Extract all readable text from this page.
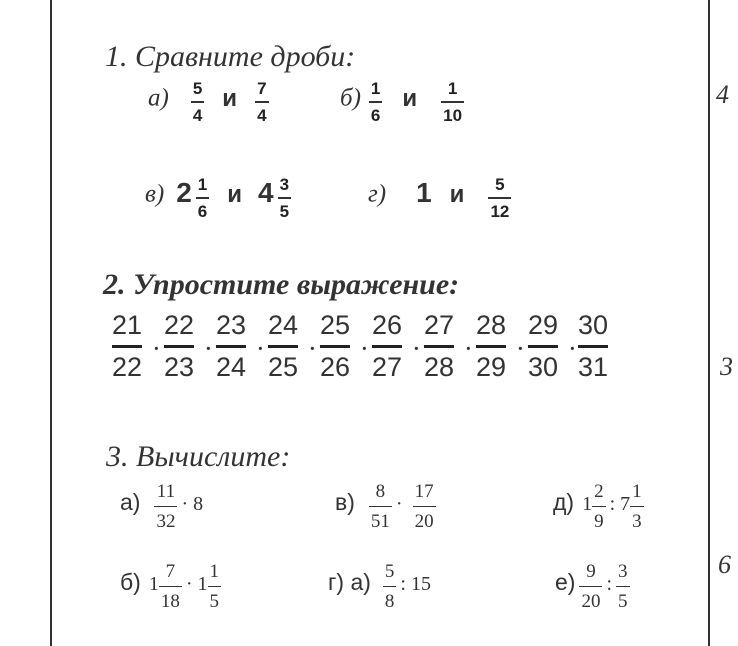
4
3
6
1. Сравните дроби:
$а) \frac{5}{4}$ и $\frac{7}{4}$	$б) \frac{1}{6}$ и $\frac{1}{10}$
в) $2 \frac{1}{6}$ и $4 \frac{3}{5}$	г) 1 и $\frac{5}{12}$
2. Упростите выражение:
21
22
·
22
23
·
23
24
·
24
25
·
25
26
·
26
27
·
27
28
·
28
29
·
29
30
·
30
31
3. Вычислите:
$а) \frac{11}{32} \cdot 8$	$в) \frac{8}{51} \cdot \frac{17}{20}$	д) $1 \frac{2}{9}$ : $7 \frac{1}{3}$
б) $1 \frac{7}{18} \cdot 1 \frac{1}{5}$	г) $а) \frac{5}{8}$ : 15	$е) \frac{9}{20}$ : $\frac{3}{5}$
